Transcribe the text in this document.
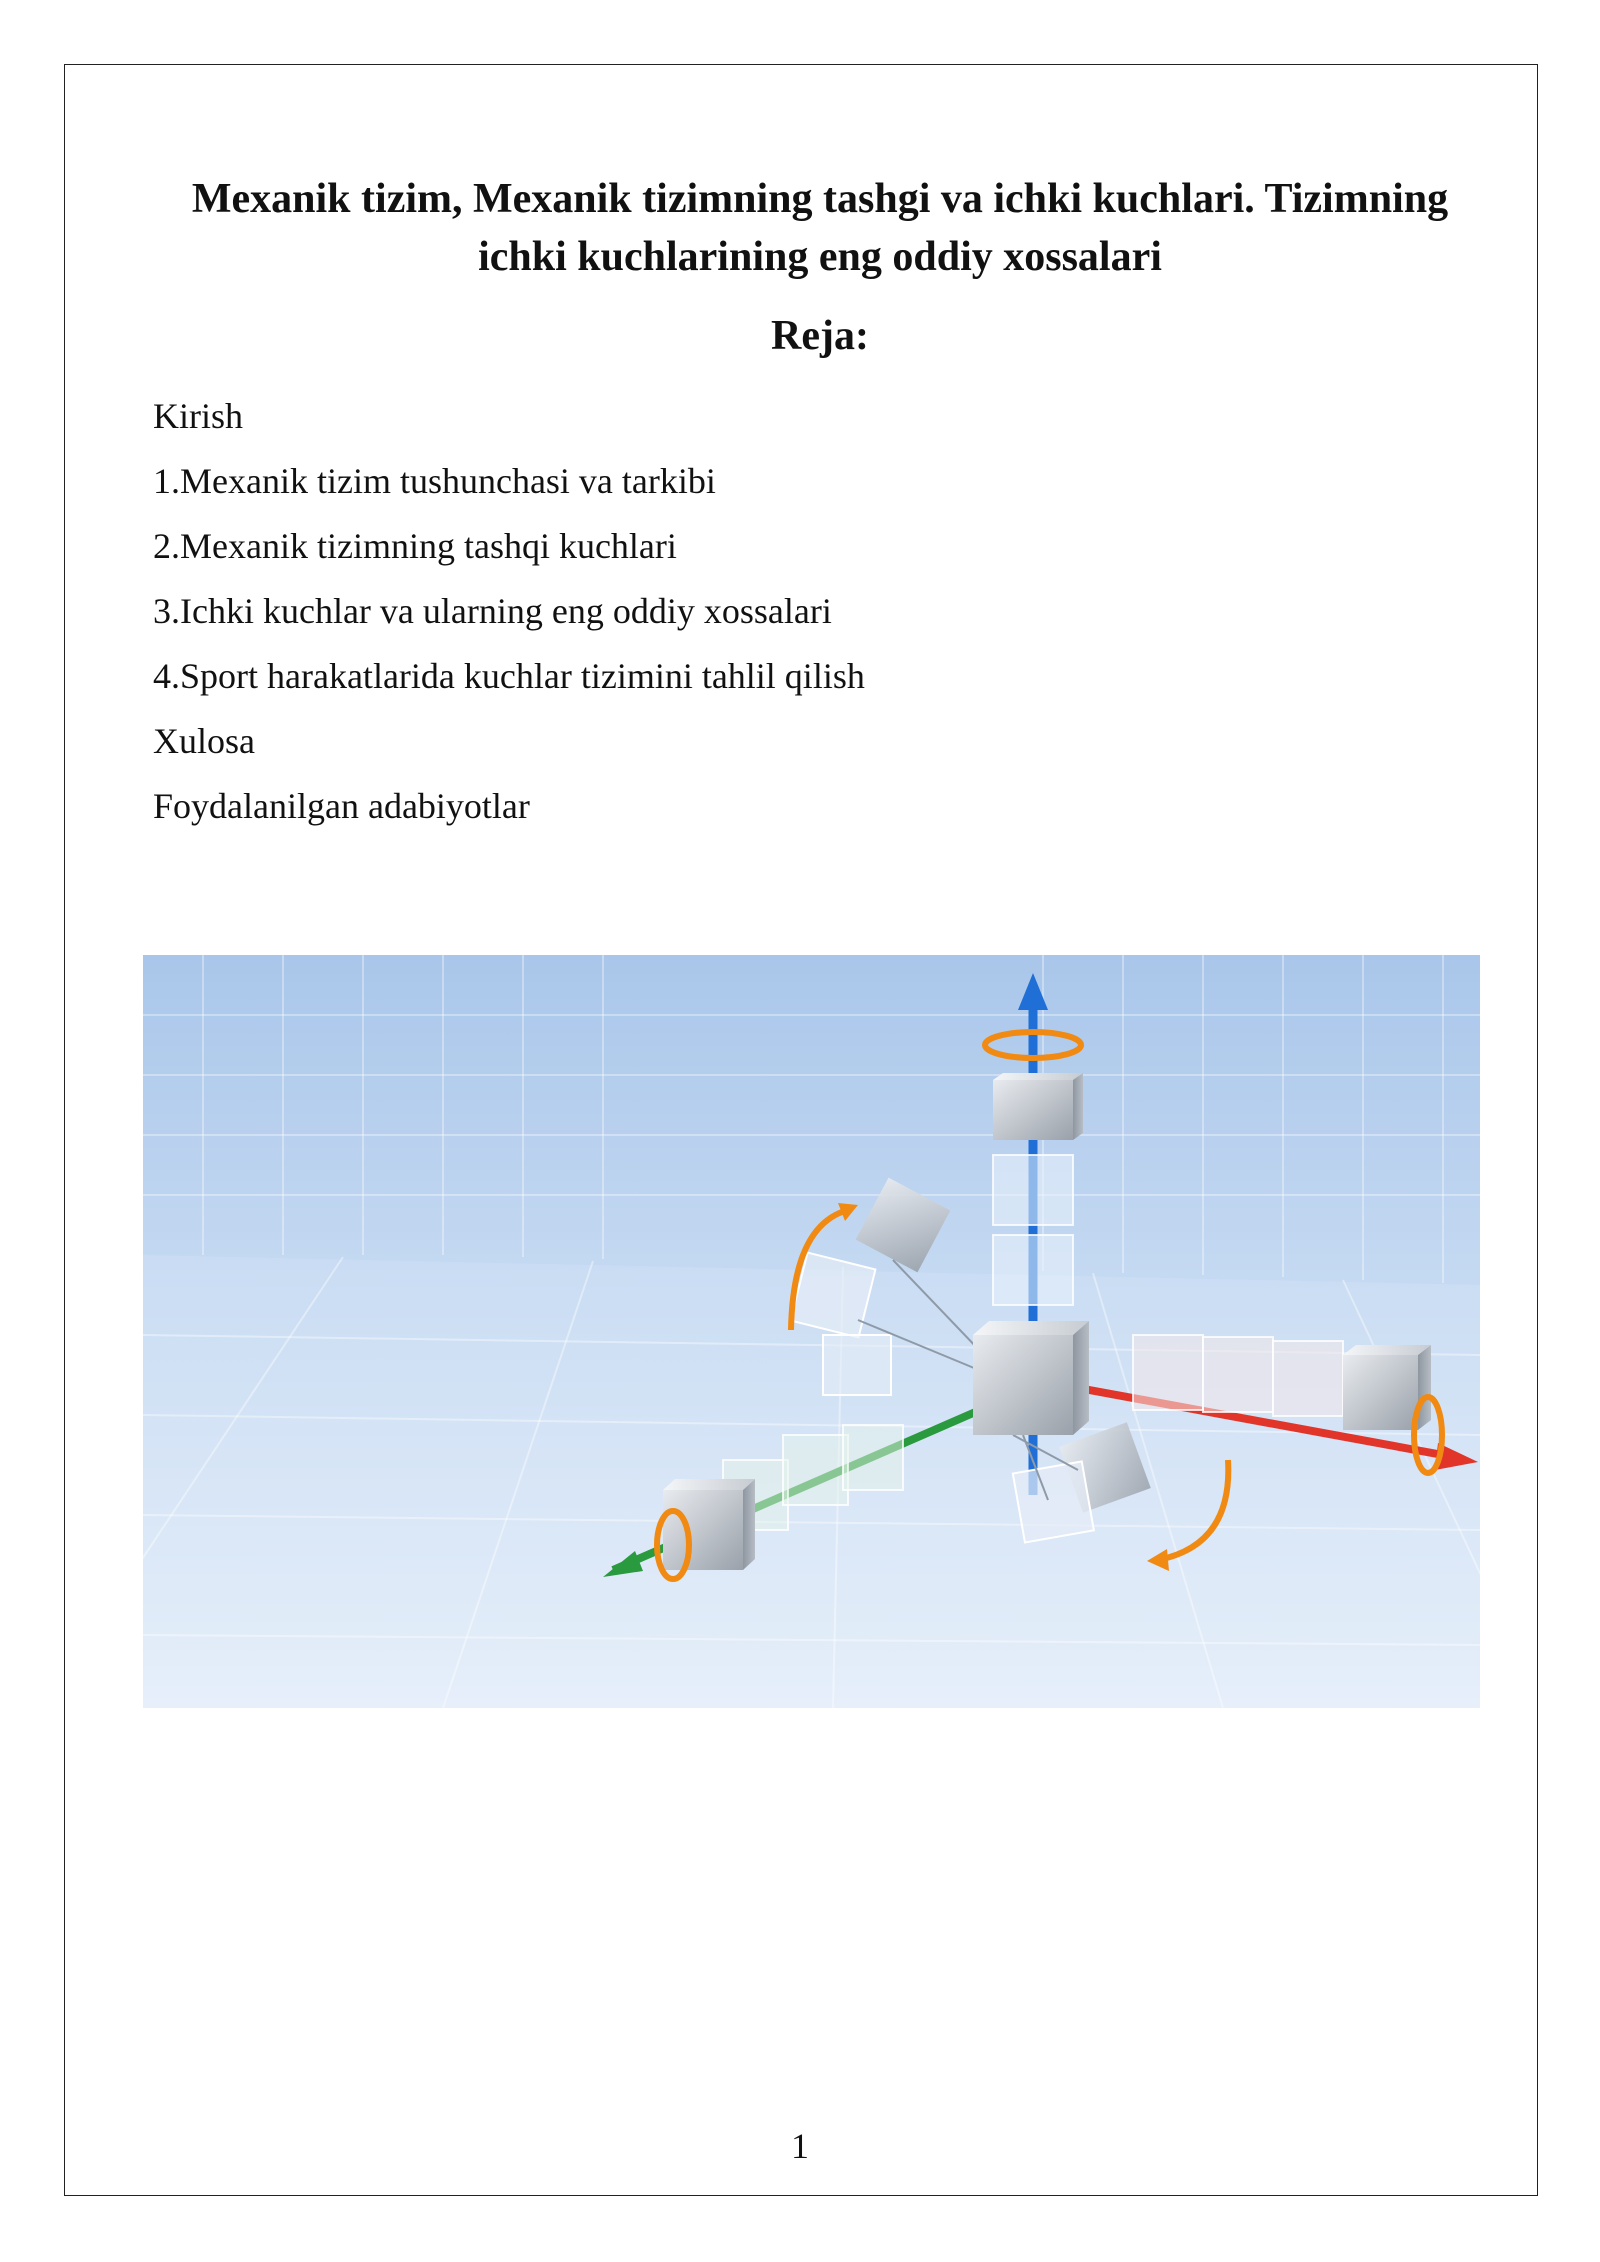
Mexanik tizim, Mexanik tizimning tashgi va ichki kuchlari. Tizimning ichki kuchlarining eng oddiy xossalari
Reja:
Kirish
1.Mexanik tizim tushunchasi va tarkibi
2.Mexanik tizimning tashqi kuchlari
3.Ichki kuchlar va ularning eng oddiy xossalari
4.Sport harakatlarida kuchlar tizimini tahlil qilish
Xulosa
Foydalanilgan adabiyotlar
1
